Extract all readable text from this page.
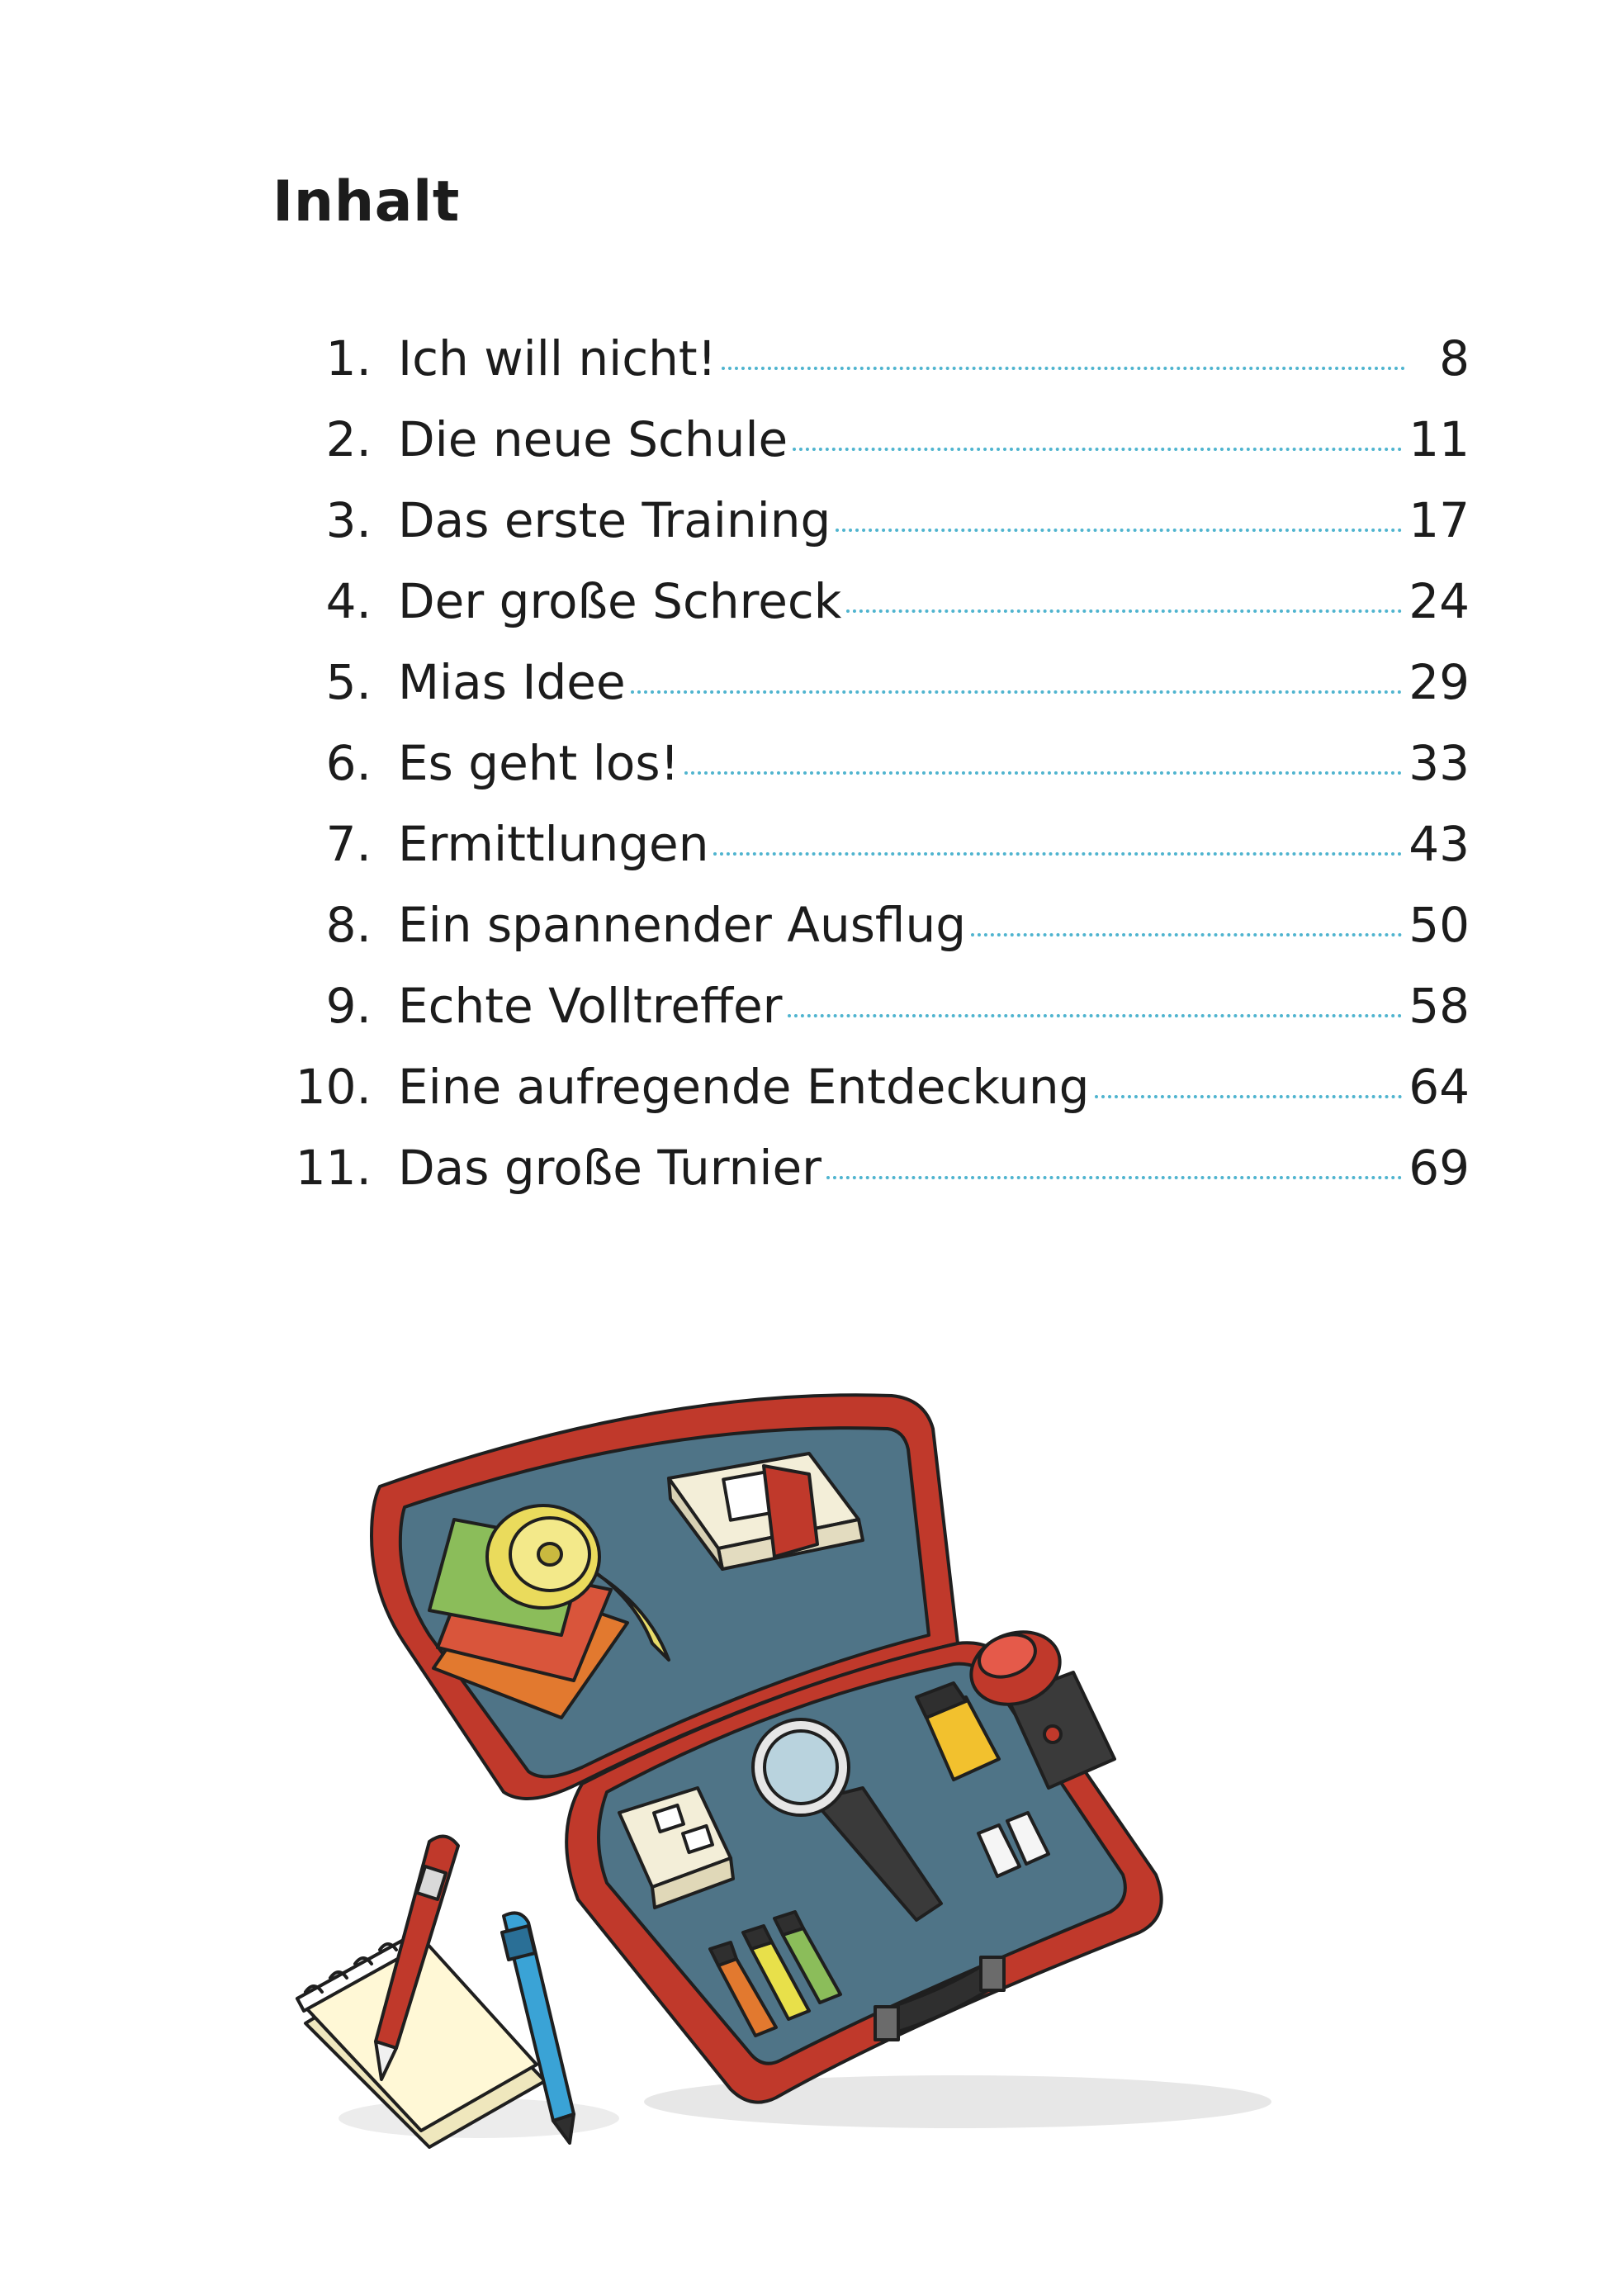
Inhalt
1. Ich will nicht!	8
2. Die neue Schule	11
3. Das erste Training	17
4. Der große Schreck	24
5. Mias Idee	29
6. Es geht los!	33
7. Ermittlungen	43
8. Ein spannender Ausflug	50
9. Echte Volltreffer	58
10. Eine aufregende Entdeckung	64
11. Das große Turnier	69
